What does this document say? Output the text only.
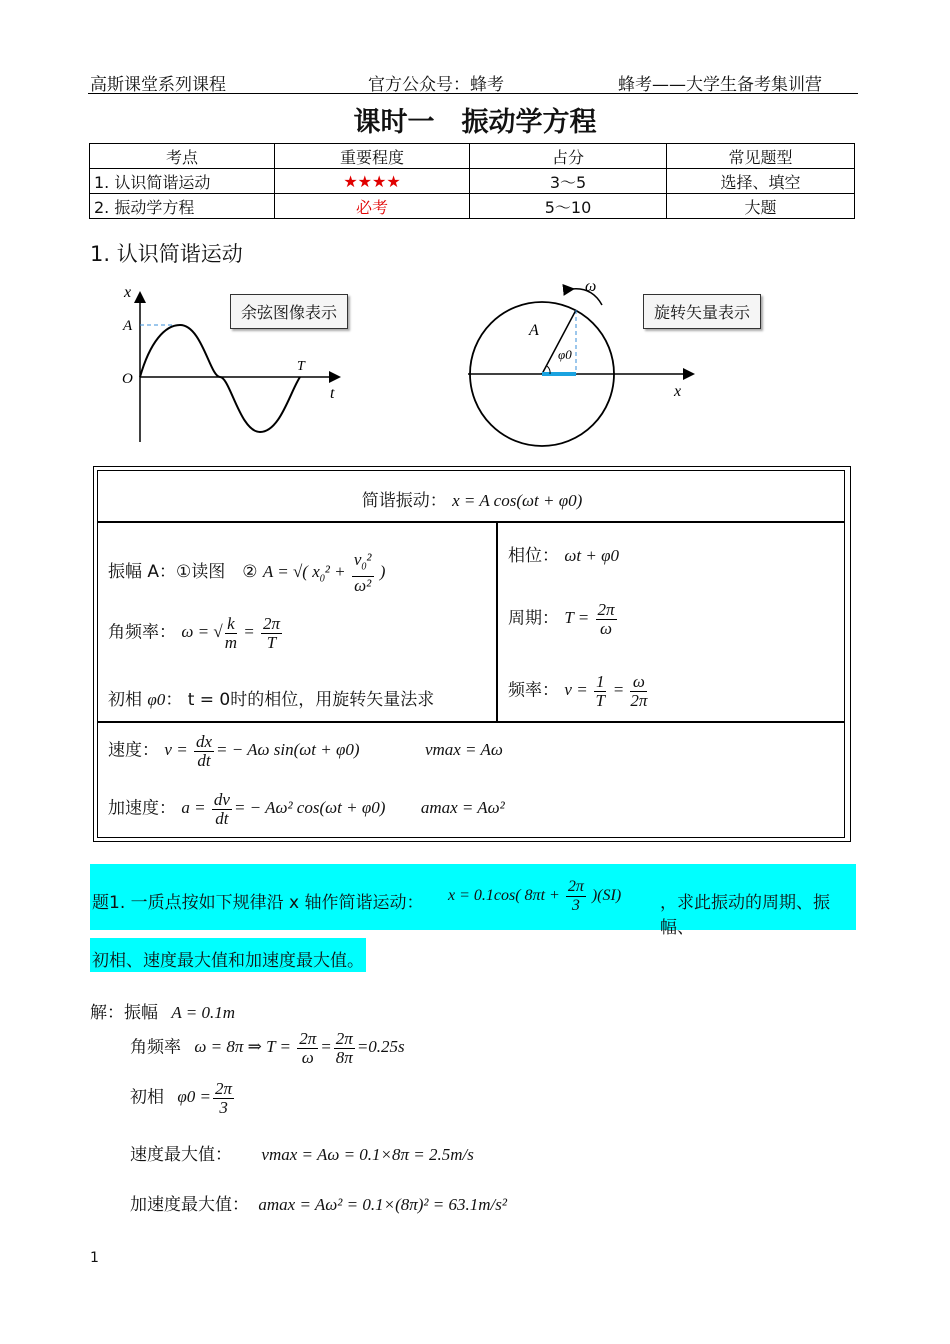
高斯课堂系列课程	官方公众号：蜂考	蜂考——大学生备考集训营
课时一　振动学方程
考点	重要程度	占分	常见题型
1. 认识简谐运动	★★★★	3～5	选择、填空
2. 振动学方程	必考	5～10	大题
1. 认识简谐运动
x
A
O
T
t
余弦图像表示
ω
A
φ0
x
旋转矢量表示
简谐振动： x = A cos(ωt + φ0)
振幅 A：①读图　② A = √( $x_0^2 + \frac{v_0^2}{\text{ω²}}$ )
角频率： ω = √ $\frac{k}{m} = \frac{2\pi}{T}$
初相 φ0： t = 0时的相位，用旋转矢量法求
相位： ωt + φ0
周期： $T = \frac{2\pi}{\omega}$
频率： $\nu = \frac{1}{T} = \frac{\omega}{2\pi}$
速度： $v = \frac{dx}{dt}$ = − Aω sin(ωt + φ0)	vmax = Aω
加速度： $a = \frac{dv}{dt}$ = − Aω² cos(ωt + φ0) amax = Aω²
题1. 一质点按如下规律沿 x 轴作简谐运动： x = 0.1cos( $8\pi t + \frac{2\pi}{3} )(SI)$ ，求此振动的周期、振幅、
初相、速度最大值和加速度最大值。
解：振幅 A = 0.1m
角频率 ω = 8π ⇒ $T = \frac{2\pi}{\omega} = \frac{2\pi}{8\pi} =0.25s$
初相 $\varphi 0 = \frac{2\pi}{3}$
速度最大值： vmax = Aω = 0.1×8π = 2.5m/s
加速度最大值： amax = Aω² = 0.1×(8π)² = 63.1m/s²
1
